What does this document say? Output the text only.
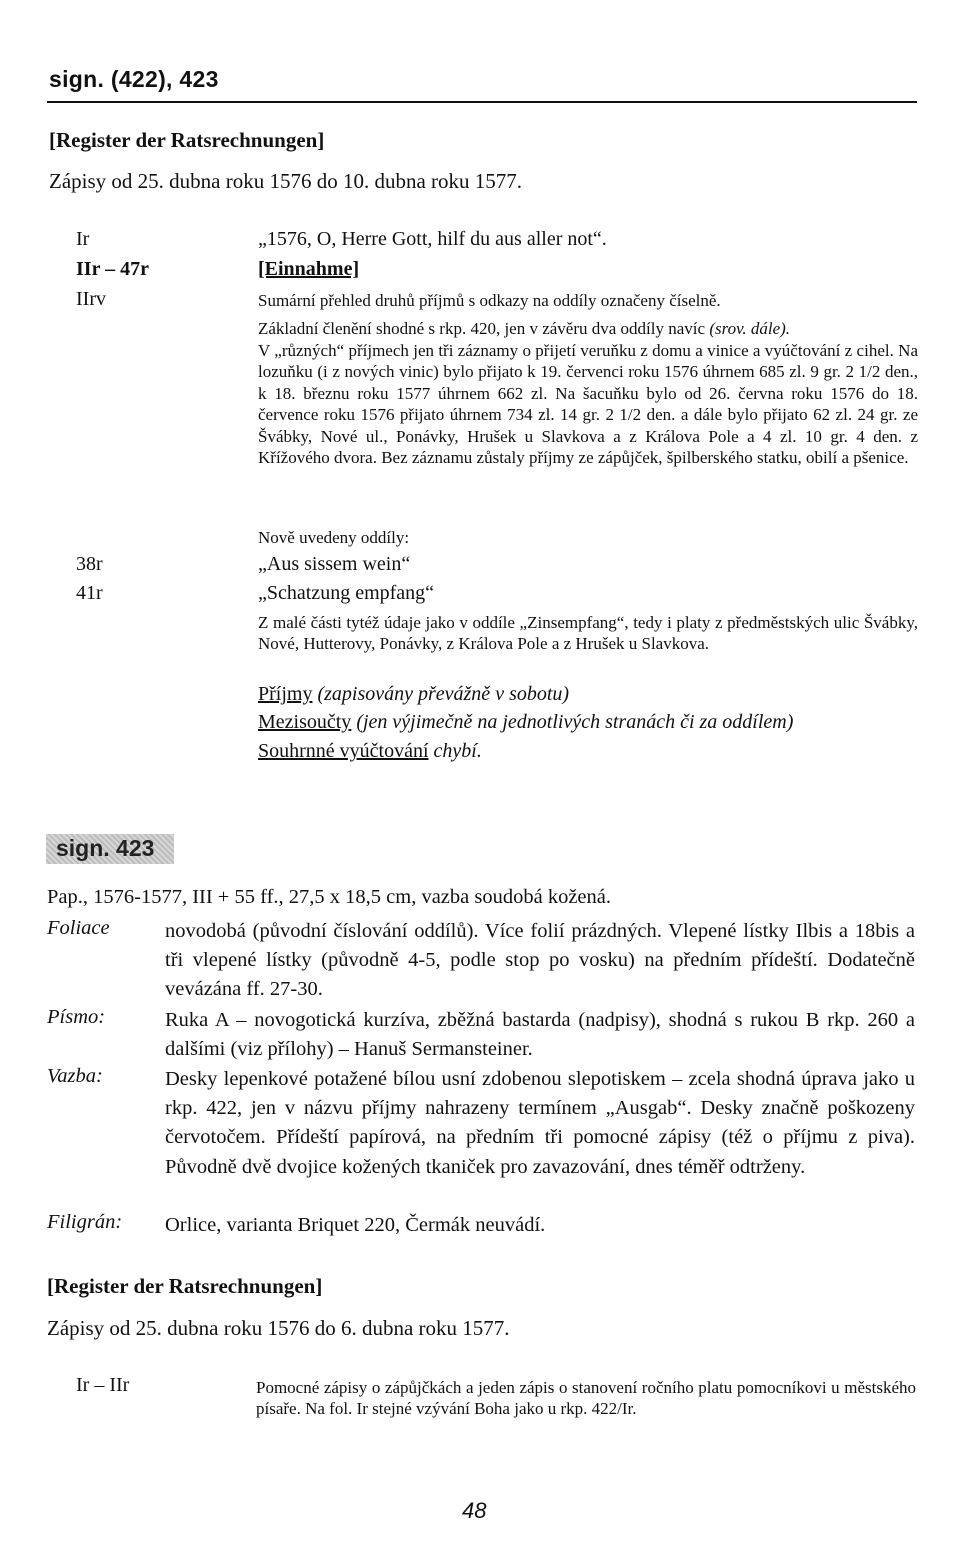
sign. (422), 423
[Register der Ratsrechnungen]
Zápisy od 25. dubna roku 1576 do 10. dubna roku 1577.
Ir	„1576, O, Herre Gott, hilf du aus aller not“.
IIr – 47r	[Einnahme]
IIrv	Sumární přehled druhů příjmů s odkazy na oddíly označeny číselně.
Základní členění shodné s rkp. 420, jen v závěru dva oddíly navíc (srov. dále).
V „různých“ příjmech jen tři záznamy o přijetí veruňku z domu a vinice a vyúčtování z cihel. Na lozuňku (i z nových vinic) bylo přijato k 19. červenci roku 1576 úhrnem 685 zl. 9 gr. 2 1/2 den., k 18. březnu roku 1577 úhrnem 662 zl. Na šacuňku bylo od 26. června roku 1576 do 18. července roku 1576 přijato úhrnem 734 zl. 14 gr. 2 1/2 den. a dále bylo přijato 62 zl. 24 gr. ze Švábky, Nové ul., Ponávky, Hrušek u Slavkova a z Králova Pole a 4 zl. 10 gr. 4 den. z Křížového dvora. Bez záznamu zůstaly příjmy ze zápůjček, špilberského statku, obilí a pšenice.
Nově uvedeny oddíly:
38r	„Aus sissem wein“
41r	„Schatzung empfang“
Z malé části tytéž údaje jako v oddíle „Zinsempfang“, tedy i platy z předměstských ulic Švábky, Nové, Hutterovy, Ponávky, z Králova Pole a z Hrušek u Slavkova.
Příjmy (zapisovány převážně v sobotu)
Mezisoučty (jen výjimečně na jednotlivých stranách či za oddílem)
Souhrnné vyúčtování chybí.
sign. 423
Pap., 1576-1577, III + 55 ff., 27,5 x 18,5 cm, vazba soudobá kožená.
Foliace	novodobá (původní číslování oddílů). Více folií prázdných. Vlepené lístky Ilbis a 18bis a tři vlepené lístky (původně 4-5, podle stop po vosku) na předním přídeští. Dodatečně vevázána ff. 27-30.
Písmo:	Ruka A – novogotická kurzíva, zběžná bastarda (nadpisy), shodná s rukou B rkp. 260 a dalšími (viz přílohy) – Hanuš Sermansteiner.
Vazba:	Desky lepenkové potažené bílou usní zdobenou slepotiskem – zcela shodná úprava jako u rkp. 422, jen v názvu příjmy nahrazeny termínem „Ausgab“. Desky značně poškozeny červotočem. Přídeští papírová, na předním tři pomocné zápisy (též o příjmu z piva). Původně dvě dvojice kožených tkaniček pro zavazování, dnes téměř odtrženy.
Filigrán: Orlice, varianta Briquet 220, Čermák neuvádí.
[Register der Ratsrechnungen]
Zápisy od 25. dubna roku 1576 do 6. dubna roku 1577.
Ir – IIr	Pomocné zápisy o zápůjčkách a jeden zápis o stanovení ročního platu pomocníkovi u městského písaře. Na fol. Ir stejné vzývání Boha jako u rkp. 422/Ir.
48
